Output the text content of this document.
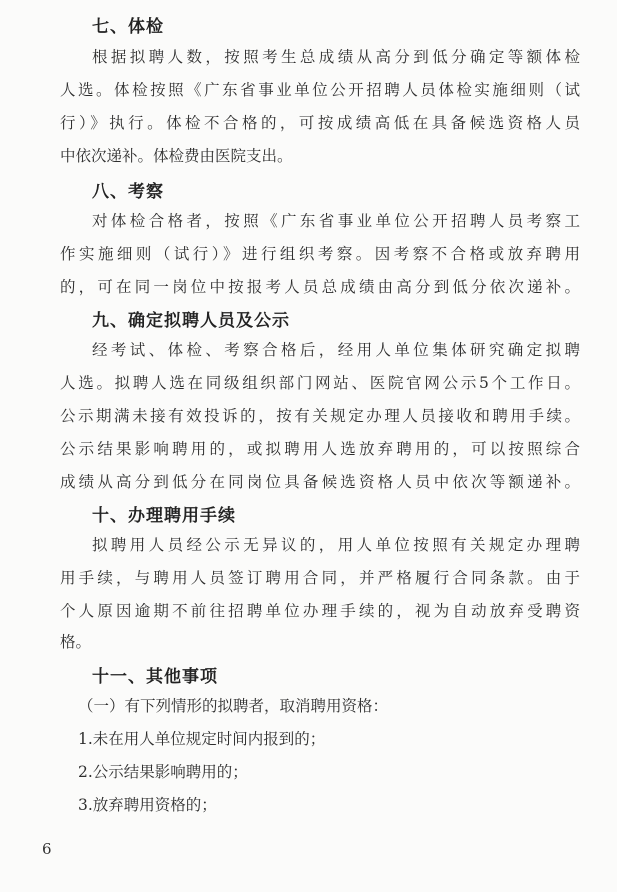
七、体检
根据拟聘人数，按照考生总成绩从高分到低分确定等额体检
人选。体检按照《广东省事业单位公开招聘人员体检实施细则（试
行）》执行。体检不合格的，可按成绩高低在具备候选资格人员
中依次递补。体检费由医院支出。
八、考察
对体检合格者，按照《广东省事业单位公开招聘人员考察工
作实施细则（试行）》进行组织考察。因考察不合格或放弃聘用
的，可在同一岗位中按报考人员总成绩由高分到低分依次递补。
九、确定拟聘人员及公示
经考试、体检、考察合格后，经用人单位集体研究确定拟聘
人选。拟聘人选在同级组织部门网站、医院官网公示5个工作日。
公示期满未接有效投诉的，按有关规定办理人员接收和聘用手续。
公示结果影响聘用的，或拟聘用人选放弃聘用的，可以按照综合
成绩从高分到低分在同岗位具备候选资格人员中依次等额递补。
十、办理聘用手续
拟聘用人员经公示无异议的，用人单位按照有关规定办理聘
用手续，与聘用人员签订聘用合同，并严格履行合同条款。由于
个人原因逾期不前往招聘单位办理手续的，视为自动放弃受聘资
格。
十一、其他事项
（一）有下列情形的拟聘者，取消聘用资格：
1.未在用人单位规定时间内报到的；
2.公示结果影响聘用的；
3.放弃聘用资格的；
6
